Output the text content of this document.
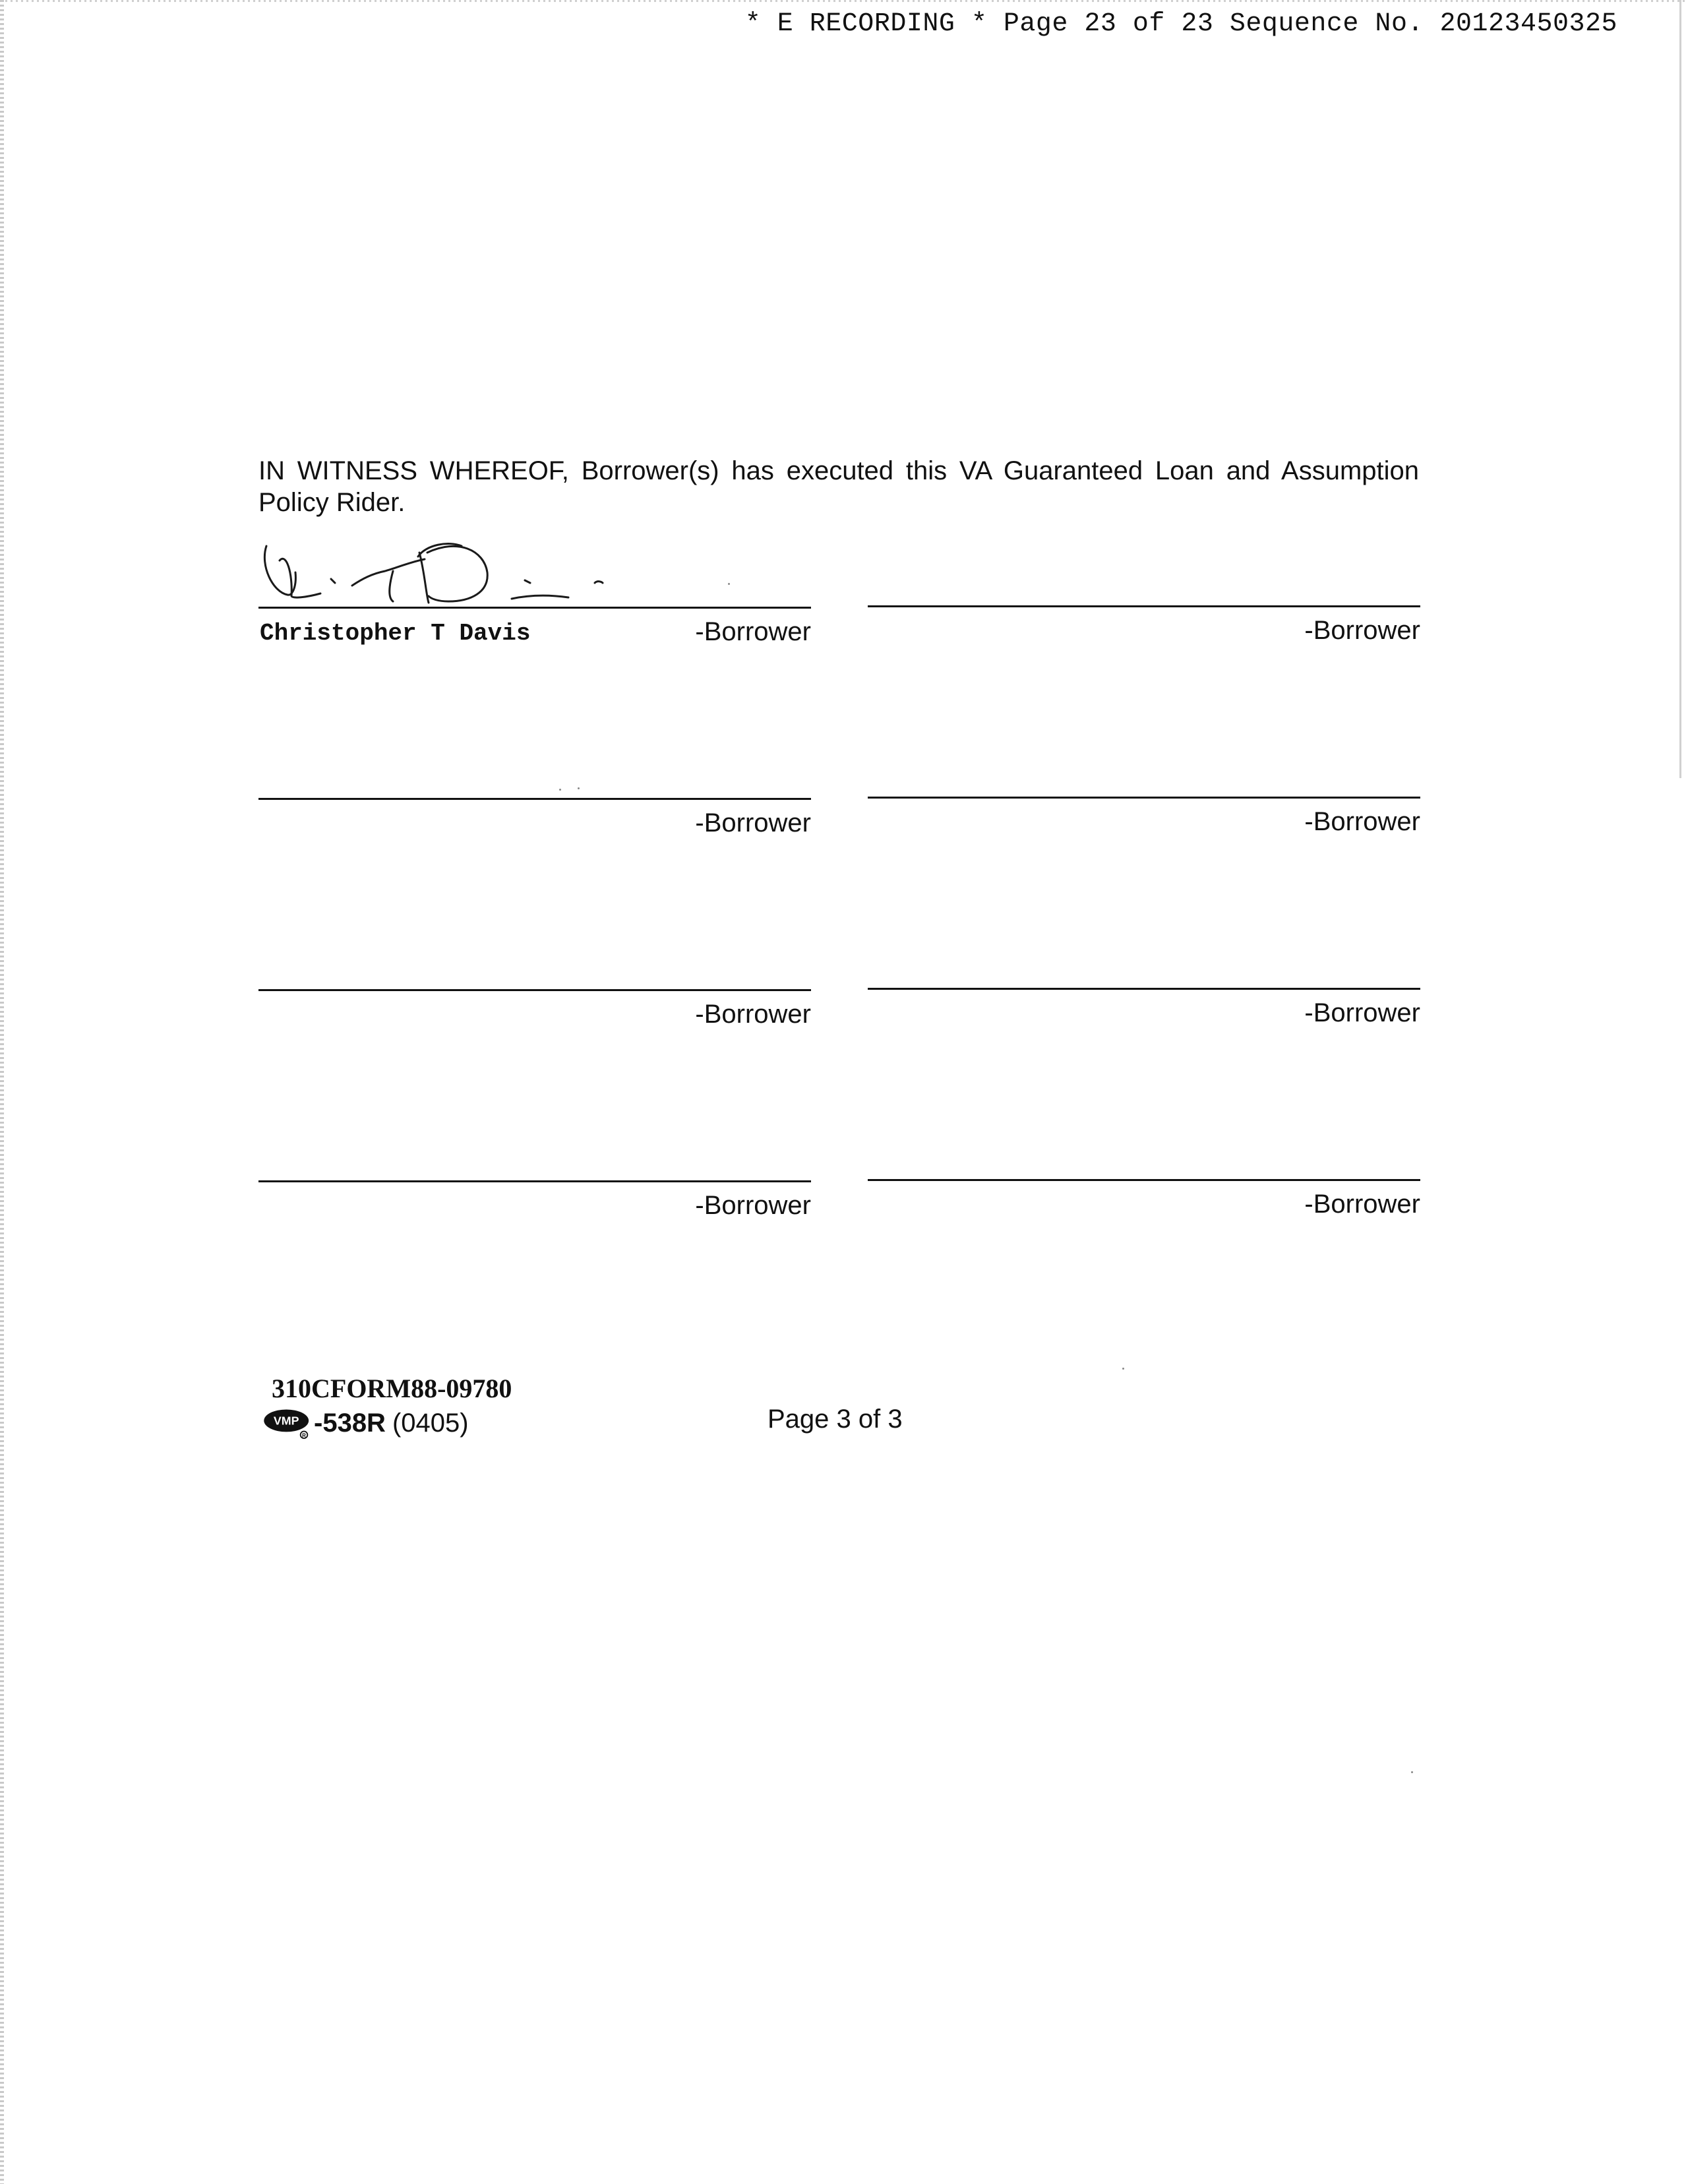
* E RECORDING * Page 23 of 23 Sequence No. 20123450325
IN WITNESS WHEREOF, Borrower(s) has executed this VA Guaranteed Loan and Assumption Policy Rider.
Christopher T Davis	-Borrower	-Borrower
-Borrower	-Borrower
-Borrower	-Borrower
-Borrower	-Borrower
310CFORM88-09780
VMP
R -538R (0405)	Page 3 of 3
